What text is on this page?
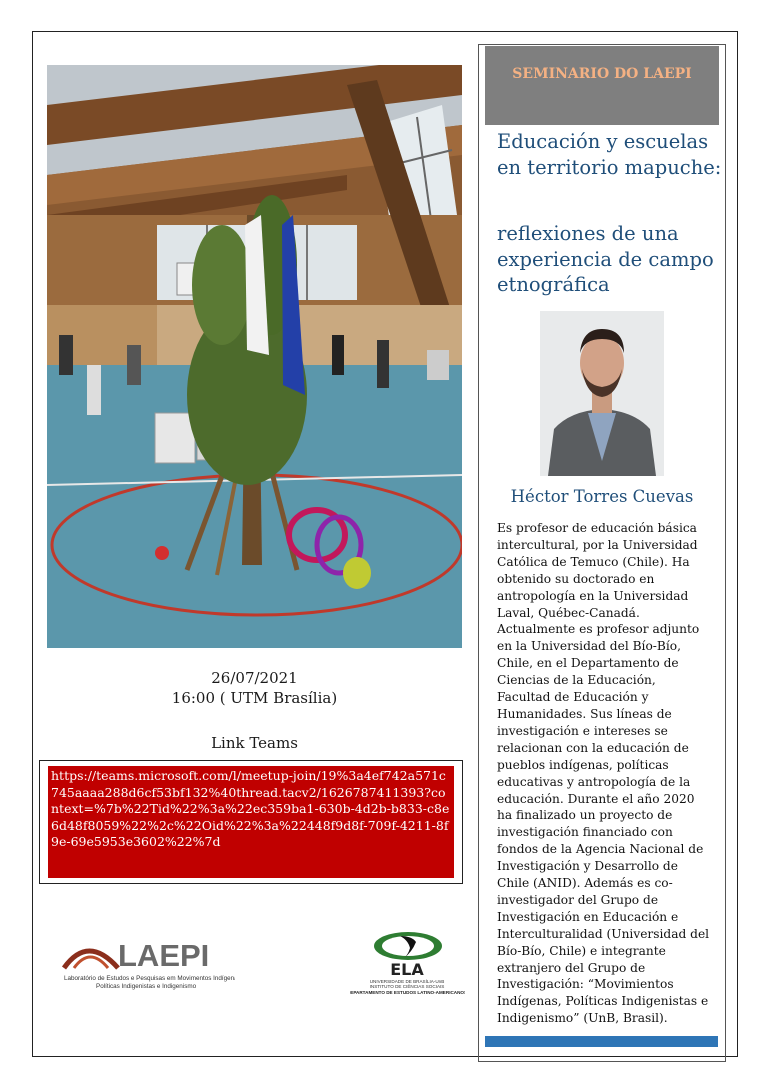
26/07/2021
16:00 ( UTM Brasília)
Link Teams
https://teams.microsoft.com/l/meetup-join/19%3a4ef742a571c745aaaa288d6cf53bf132%40thread.tacv2/1626787411393?context=%7b%22Tid%22%3a%22ec359ba1-630b-4d2b-b833-c8e6d48f8059%22%2c%22Oid%22%3a%22448f9d8f-709f-4211-8f9e-69e5953e3602%22%7d
LAEPI
Laboratório de Estudos e Pesquisas em Movimentos Indígenas
Políticas Indigenistas e Indigenismo
ELA
UNIVERSIDADE DE BRASÍLIA-UnB
INSTITUTO DE CIÊNCIAS SOCIAIS
DEPARTAMENTO DE ESTUDOS LATINO-AMERICANOS
SEMINARIO DO LAEPI
Educación y escuelas en territorio mapuche:
reflexiones de una experiencia de campo etnográfica
Héctor Torres Cuevas
Es profesor de educación básica intercultural, por la Universidad Católica de Temuco (Chile). Ha obtenido su doctorado en antropología en la Universidad Laval, Québec-Canadá. Actualmente es profesor adjunto en la Universidad del Bío-Bío, Chile, en el Departamento de Ciencias de la Educación, Facultad de Educación y Humanidades. Sus líneas de investigación e intereses se relacionan con la educación de pueblos indígenas, políticas educativas y antropología de la educación. Durante el año 2020 ha finalizado un proyecto de investigación financiado con fondos de la Agencia Nacional de Investigación y Desarrollo de Chile (ANID). Además es co-investigador del Grupo de Investigación en Educación e Interculturalidad (Universidad del Bío-Bío, Chile) e integrante extranjero del Grupo de Investigación: “Movimientos Indígenas, Políticas Indigenistas e Indigenismo” (UnB, Brasil).
